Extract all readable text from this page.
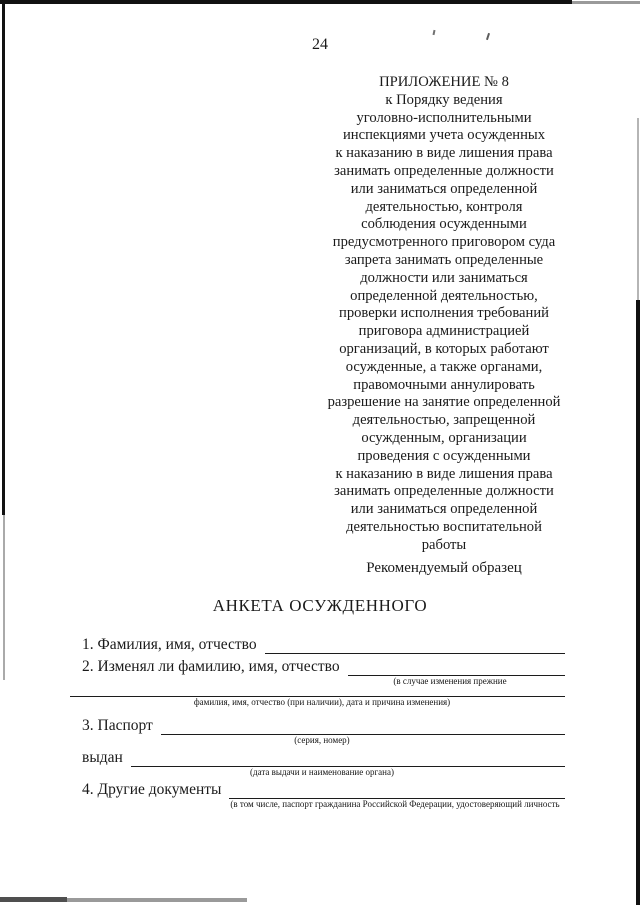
24
ПРИЛОЖЕНИЕ № 8
к Порядку ведения
уголовно-исполнительными
инспекциями учета осужденных
к наказанию в виде лишения права
занимать определенные должности
или заниматься определенной
деятельностью, контроля
соблюдения осужденными
предусмотренного приговором суда
запрета занимать определенные
должности или заниматься
определенной деятельностью,
проверки исполнения требований
приговора администрацией
организаций, в которых работают
осужденные, а также органами,
правомочными аннулировать
разрешение на занятие определенной
деятельностью, запрещенной
осужденным, организации
проведения с осужденными
к наказанию в виде лишения права
занимать определенные должности
или заниматься определенной
деятельностью воспитательной
работы
Рекомендуемый образец
АНКЕТА ОСУЖДЕННОГО
1. Фамилия, имя, отчество
2. Изменял ли фамилию, имя, отчество
(в случае изменения прежние
фамилия, имя, отчество (при наличии), дата и причина изменения)
3. Паспорт
(серия, номер)
выдан
(дата выдачи и наименование органа)
4. Другие документы
(в том числе, паспорт гражданина Российской Федерации, удостоверяющий личность
